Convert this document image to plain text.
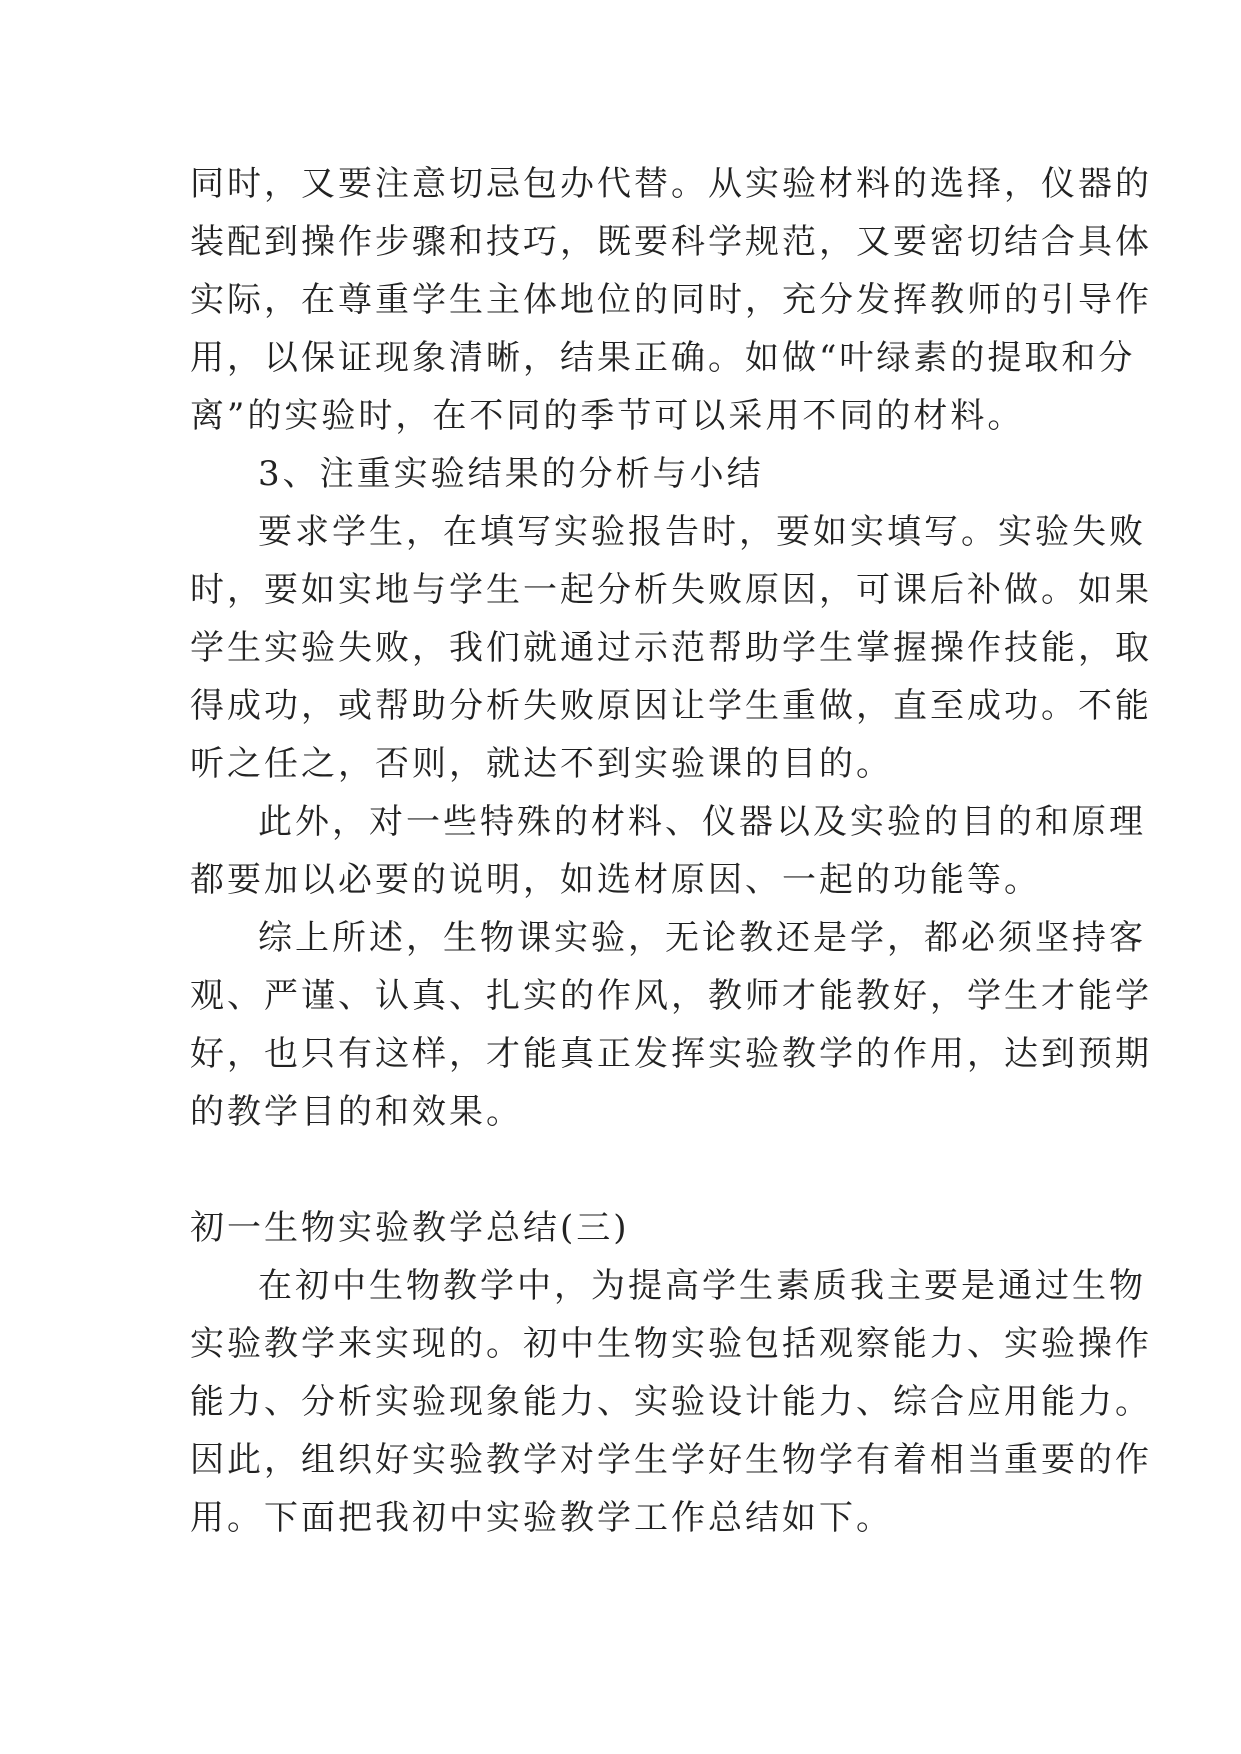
同时，又要注意切忌包办代替。从实验材料的选择，仪器的
装配到操作步骤和技巧，既要科学规范，又要密切结合具体
实际，在尊重学生主体地位的同时，充分发挥教师的引导作
用，以保证现象清晰，结果正确。如做“叶绿素的提取和分
离”的实验时，在不同的季节可以采用不同的材料。
3、注重实验结果的分析与小结
要求学生，在填写实验报告时，要如实填写。实验失败
时，要如实地与学生一起分析失败原因，可课后补做。如果
学生实验失败，我们就通过示范帮助学生掌握操作技能，取
得成功，或帮助分析失败原因让学生重做，直至成功。不能
听之任之，否则，就达不到实验课的目的。
此外，对一些特殊的材料、仪器以及实验的目的和原理
都要加以必要的说明，如选材原因、一起的功能等。
综上所述，生物课实验，无论教还是学，都必须坚持客
观、严谨、认真、扎实的作风，教师才能教好，学生才能学
好，也只有这样，才能真正发挥实验教学的作用，达到预期
的教学目的和效果。
初一生物实验教学总结(三)
在初中生物教学中，为提高学生素质我主要是通过生物
实验教学来实现的。初中生物实验包括观察能力、实验操作
能力、分析实验现象能力、实验设计能力、综合应用能力。
因此，组织好实验教学对学生学好生物学有着相当重要的作
用。下面把我初中实验教学工作总结如下。
